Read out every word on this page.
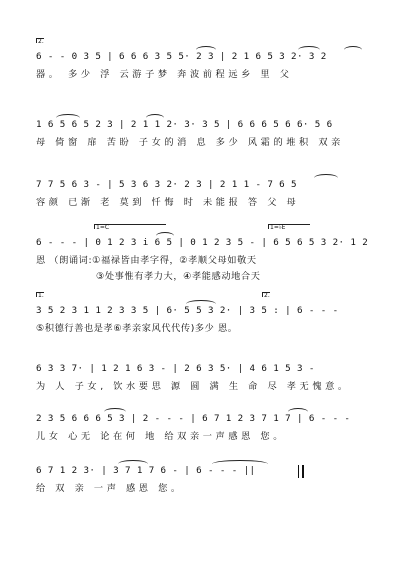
2.
6 - - 0 3 5 | 6 6 6 3 5 5· 2 3 | 2 1 6 5 3 2· 3 2
器。 多少 浮 云游子梦 奔波前程远乡 里 父
1 6 5 6 5 2 3 | 2 1 1 2· 3· 3 5 | 6 6 6 5 6 6· 5 6
母 倚窗 扉 苦盼 子女的消 息 多少 风霜的堆积 双亲
7 7 5 6 3 - | 5 3 6 3 2· 2 3 | 2 1 1 - 7 6 5
容颜 已渐 老 莫到 忏悔 时 未能报 答 父 母
1=C	1=♭E
6 - - - | 0 1 2 3 i 6 5 | 0 1 2 3 5 - | 6 5 6 5 3 2· 1 2
恩 （朗诵词:①福禄皆由孝字得，②孝顺父母如敬天
③处事惟有孝力大，④孝能感动地合天
1.	2.
3 5 2 3 1 1 2 3 3 5 | 6· 5 5 3 2· | 3 5 : | 6 - - -
⑤积德行善也是孝⑥孝亲家风代代传)多少 恩。
6 3 3 7· | 1 2 1 6 3 - | 2 6 3 5· | 4 6 1 5 3 -
为 人 子女, 饮水要思 源 圆 满 生 命 尽 孝无愧意。
2 3 5 6 6 6 5 3 | 2 - - - | 6 7 1 2 3 7 1 7 | 6 - - -
儿女 心无 论在何 地 给双亲一声感恩 您。
6 7 1 2 3· | 3 7 1 7 6 - | 6 - - - ||
给 双 亲 一声 感恩 您。
